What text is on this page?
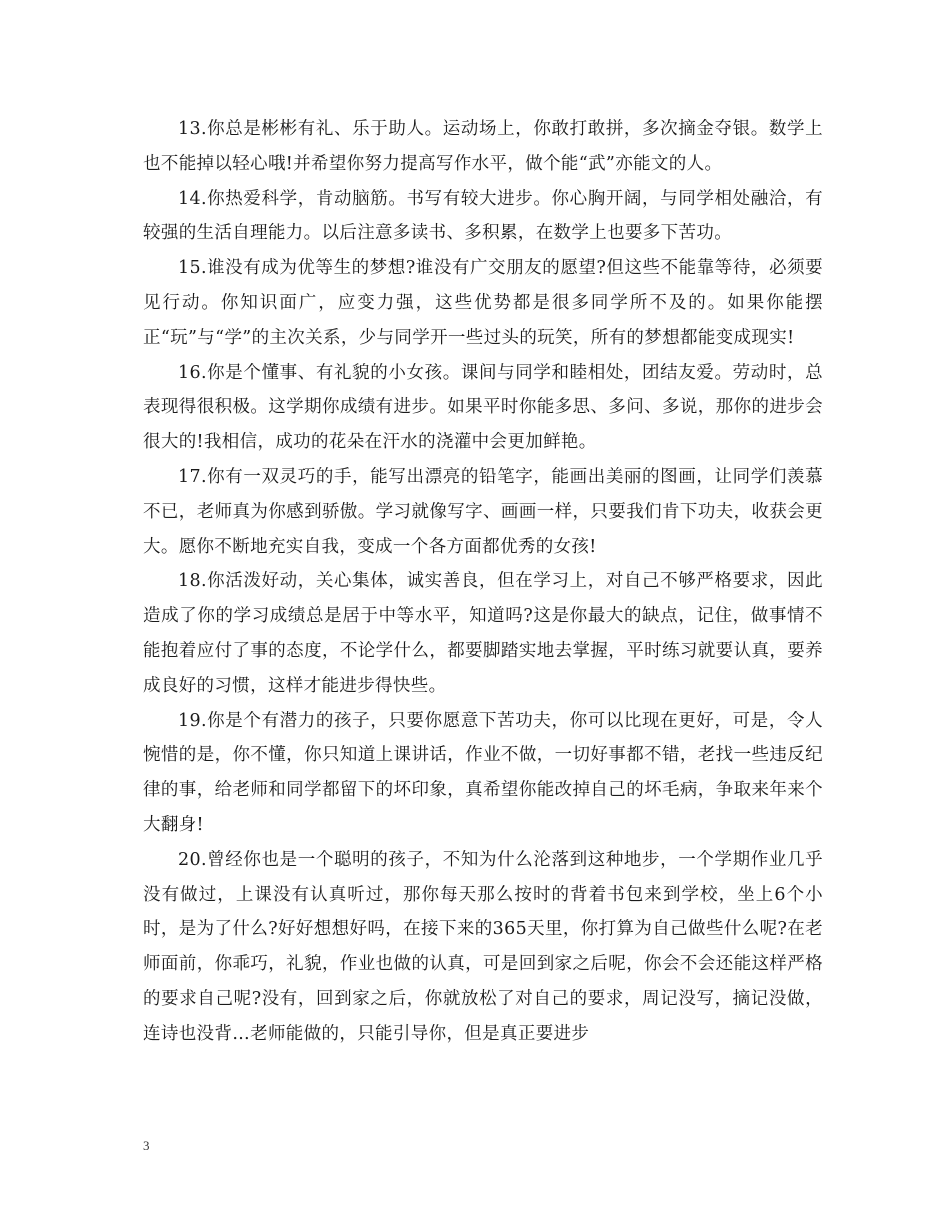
13.你总是彬彬有礼、乐于助人。运动场上，你敢打敢拼，多次摘金夺银。数学上也不能掉以轻心哦!并希望你努力提高写作水平，做个能“武”亦能文的人。

14.你热爱科学，肯动脑筋。书写有较大进步。你心胸开阔，与同学相处融洽，有较强的生活自理能力。以后注意多读书、多积累，在数学上也要多下苦功。

15.谁没有成为优等生的梦想?谁没有广交朋友的愿望?但这些不能靠等待，必须要见行动。你知识面广，应变力强，这些优势都是很多同学所不及的。如果你能摆正“玩”与“学”的主次关系，少与同学开一些过头的玩笑，所有的梦想都能变成现实!

16.你是个懂事、有礼貌的小女孩。课间与同学和睦相处，团结友爱。劳动时，总表现得很积极。这学期你成绩有进步。如果平时你能多思、多问、多说，那你的进步会很大的!我相信，成功的花朵在汗水的浇灌中会更加鲜艳。

17.你有一双灵巧的手，能写出漂亮的铅笔字，能画出美丽的图画，让同学们羡慕不已，老师真为你感到骄傲。学习就像写字、画画一样，只要我们肯下功夫，收获会更大。愿你不断地充实自我，变成一个各方面都优秀的女孩!

18.你活泼好动，关心集体，诚实善良，但在学习上，对自己不够严格要求，因此造成了你的学习成绩总是居于中等水平，知道吗?这是你最大的缺点，记住，做事情不能抱着应付了事的态度，不论学什么，都要脚踏实地去掌握，平时练习就要认真，要养成良好的习惯，这样才能进步得快些。

19.你是个有潜力的孩子，只要你愿意下苦功夫，你可以比现在更好，可是，令人惋惜的是，你不懂，你只知道上课讲话，作业不做，一切好事都不错，老找一些违反纪律的事，给老师和同学都留下的坏印象，真希望你能改掉自己的坏毛病，争取来年来个大翻身!

20.曾经你也是一个聪明的孩子，不知为什么沦落到这种地步，一个学期作业几乎没有做过，上课没有认真听过，那你每天那么按时的背着书包来到学校，坐上6个小时，是为了什么?好好想想好吗，在接下来的365天里，你打算为自己做些什么呢?在老师面前，你乖巧，礼貌，作业也做的认真，可是回到家之后呢，你会不会还能这样严格的要求自己呢?没有，回到家之后，你就放松了对自己的要求，周记没写，摘记没做，连诗也没背…老师能做的，只能引导你，但是真正要进步

3
